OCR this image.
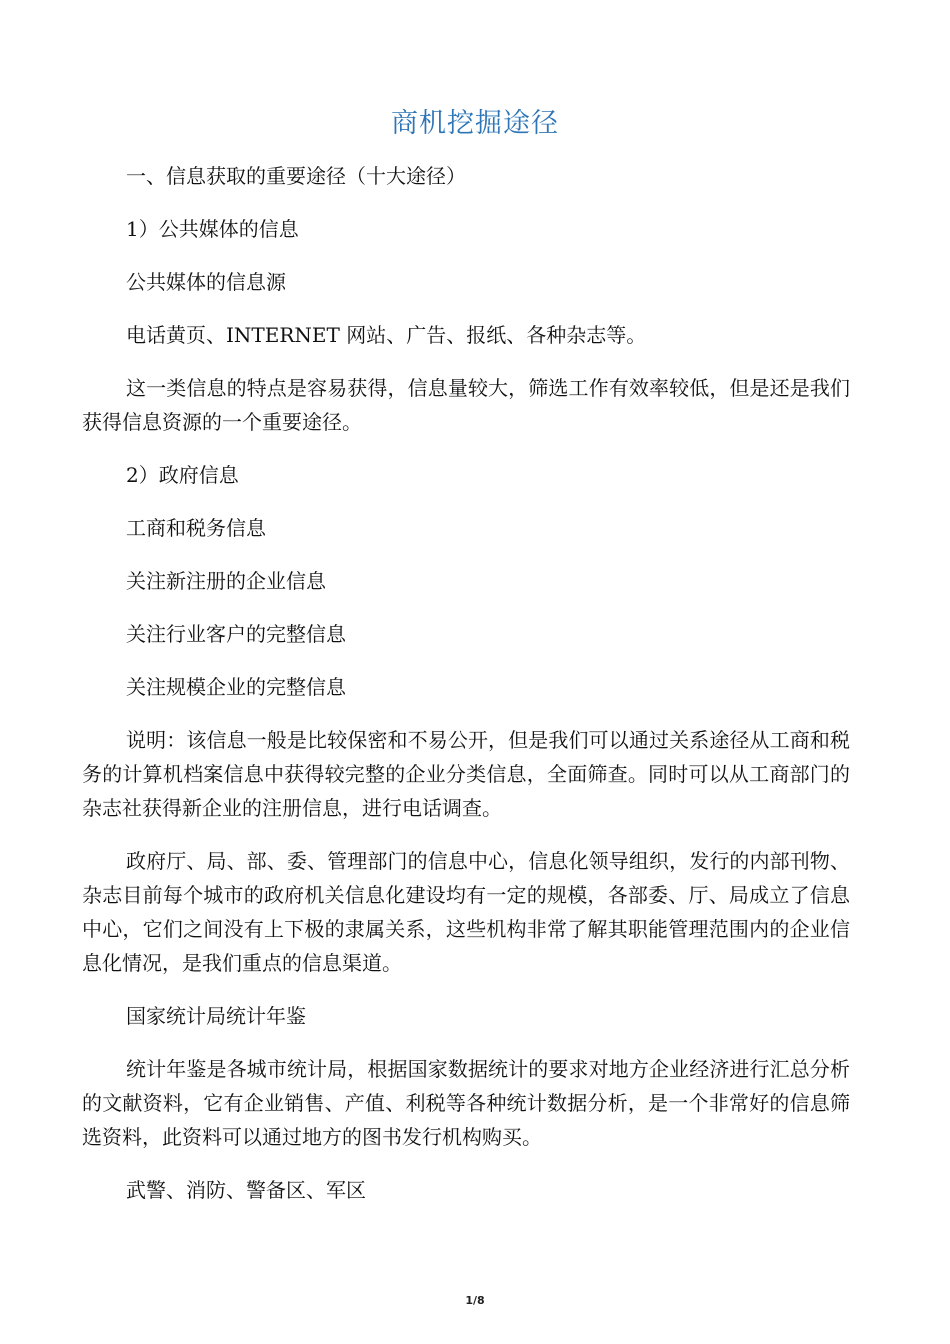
商机挖掘途径

一、信息获取的重要途径（十大途径）

1）公共媒体的信息

公共媒体的信息源

电话黄页、INTERNET 网站、广告、报纸、各种杂志等。

这一类信息的特点是容易获得，信息量较大，筛选工作有效率较低，但是还是我们获得信息资源的一个重要途径。

2）政府信息

工商和税务信息

关注新注册的企业信息

关注行业客户的完整信息

关注规模企业的完整信息

说明：该信息一般是比较保密和不易公开，但是我们可以通过关系途径从工商和税务的计算机档案信息中获得较完整的企业分类信息，全面筛查。同时可以从工商部门的杂志社获得新企业的注册信息，进行电话调查。

政府厅、局、部、委、管理部门的信息中心，信息化领导组织，发行的内部刊物、杂志目前每个城市的政府机关信息化建设均有一定的规模，各部委、厅、局成立了信息中心，它们之间没有上下极的隶属关系，这些机构非常了解其职能管理范围内的企业信息化情况，是我们重点的信息渠道。

国家统计局统计年鉴

统计年鉴是各城市统计局，根据国家数据统计的要求对地方企业经济进行汇总分析的文献资料，它有企业销售、产值、利税等各种统计数据分析，是一个非常好的信息筛选资料，此资料可以通过地方的图书发行机构购买。

武警、消防、警备区、军区

1/8
